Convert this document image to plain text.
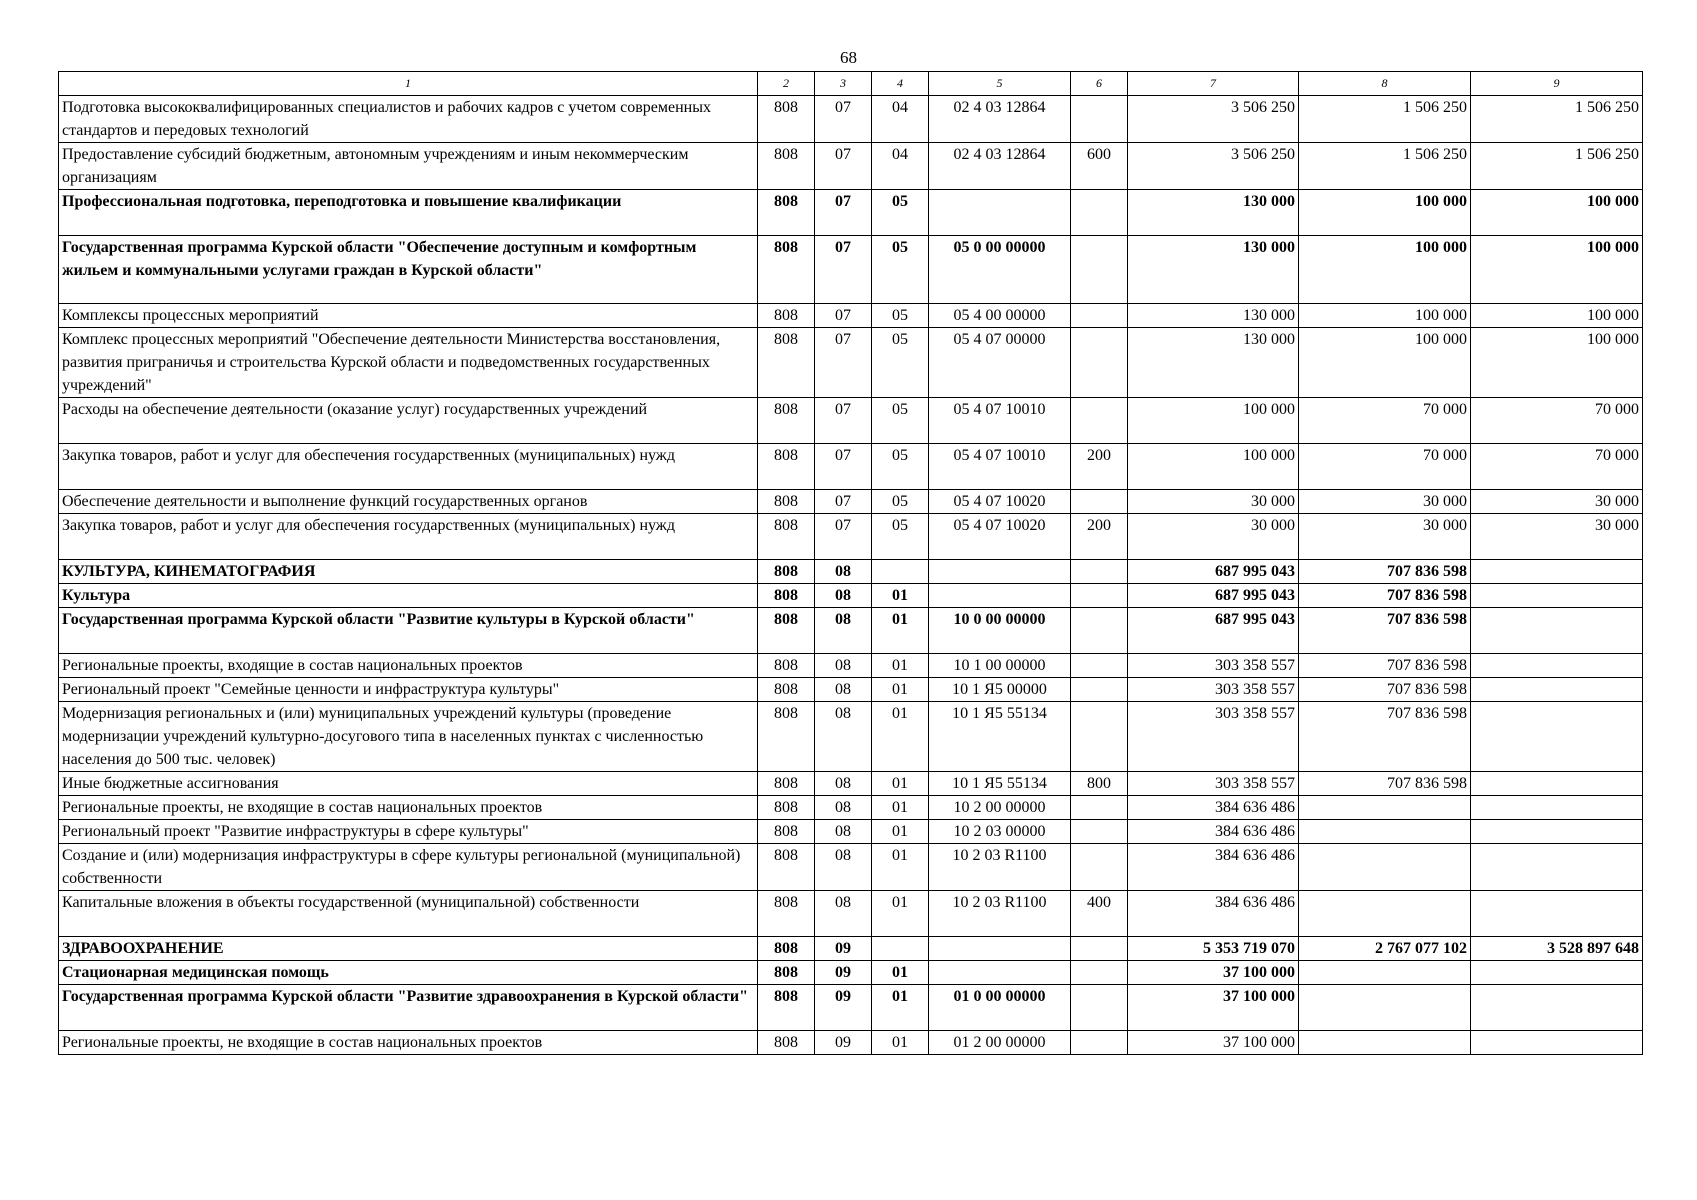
68
1	2	3	4	5	6	7	8	9
Подготовка высококвалифицированных специалистов и рабочих кадров с учетом современных стандартов и передовых технологий	808	07	04	02 4 03 12864		3 506 250	1 506 250	1 506 250
Предоставление субсидий бюджетным, автономным учреждениям и иным некоммерческим организациям	808	07	04	02 4 03 12864	600	3 506 250	1 506 250	1 506 250
Профессиональная подготовка, переподготовка и повышение квалификации	808	07	05			130 000	100 000	100 000
Государственная программа Курской области "Обеспечение доступным и комфортным жильем и коммунальными услугами граждан в Курской области"	808	07	05	05 0 00 00000		130 000	100 000	100 000
Комплексы процессных мероприятий	808	07	05	05 4 00 00000		130 000	100 000	100 000
Комплекс процессных мероприятий "Обеспечение деятельности Министерства восстановления, развития приграничья и строительства Курской области и подведомственных государственных учреждений"	808	07	05	05 4 07 00000		130 000	100 000	100 000
Расходы на обеспечение деятельности (оказание услуг) государственных учреждений	808	07	05	05 4 07 10010		100 000	70 000	70 000
Закупка товаров, работ и услуг для обеспечения государственных (муниципальных) нужд	808	07	05	05 4 07 10010	200	100 000	70 000	70 000
Обеспечение деятельности и выполнение функций государственных органов	808	07	05	05 4 07 10020		30 000	30 000	30 000
Закупка товаров, работ и услуг для обеспечения государственных (муниципальных) нужд	808	07	05	05 4 07 10020	200	30 000	30 000	30 000
КУЛЬТУРА, КИНЕМАТОГРАФИЯ	808	08				687 995 043	707 836 598	
Культура	808	08	01			687 995 043	707 836 598	
Государственная программа Курской области "Развитие культуры в Курской области"	808	08	01	10 0 00 00000		687 995 043	707 836 598	
Региональные проекты, входящие в состав национальных проектов	808	08	01	10 1 00 00000		303 358 557	707 836 598	
Региональный проект "Семейные ценности и инфраструктура культуры"	808	08	01	10 1 Я5 00000		303 358 557	707 836 598	
Модернизация региональных и (или) муниципальных учреждений культуры (проведение модернизации учреждений культурно-досугового типа в населенных пунктах с численностью населения до 500 тыс. человек)	808	08	01	10 1 Я5 55134		303 358 557	707 836 598	
Иные бюджетные ассигнования	808	08	01	10 1 Я5 55134	800	303 358 557	707 836 598	
Региональные проекты, не входящие в состав национальных проектов	808	08	01	10 2 00 00000		384 636 486		
Региональный проект "Развитие инфраструктуры в сфере культуры"	808	08	01	10 2 03 00000		384 636 486		
Создание и (или) модернизация инфраструктуры в сфере культуры региональной (муниципальной) собственности	808	08	01	10 2 03 R1100		384 636 486		
Капитальные вложения в объекты государственной (муниципальной) собственности	808	08	01	10 2 03 R1100	400	384 636 486		
ЗДРАВООХРАНЕНИЕ	808	09				5 353 719 070	2 767 077 102	3 528 897 648
Стационарная медицинская помощь	808	09	01			37 100 000		
Государственная программа Курской области "Развитие здравоохранения в Курской области"	808	09	01	01 0 00 00000		37 100 000		
Региональные проекты, не входящие в состав национальных проектов	808	09	01	01 2 00 00000		37 100 000		
